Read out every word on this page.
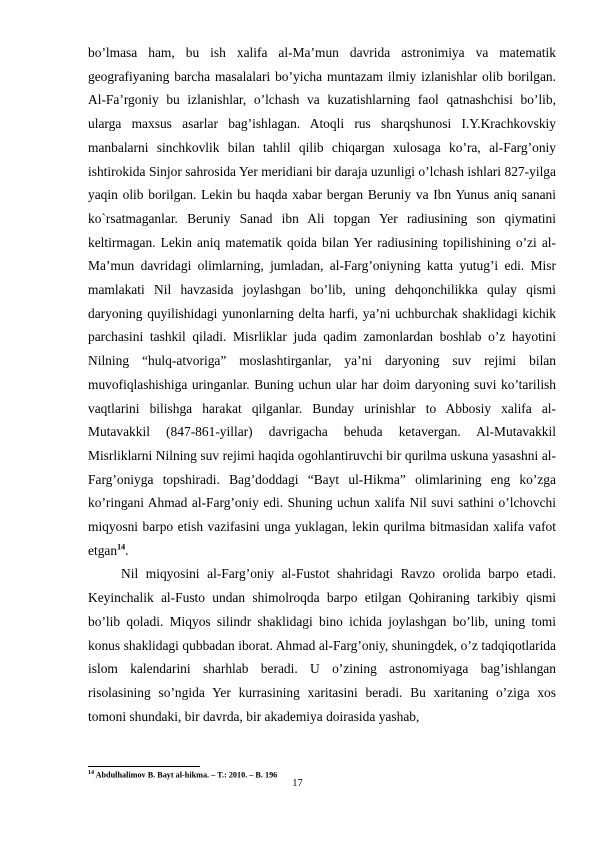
bo’lmasa ham, bu ish xalifa al-Ma’mun davrida astronimiya va matematik geografiyaning barcha masalalari bo’yicha muntazam ilmiy izlanishlar olib borilgan. Al-Fa’rgoniy bu izlanishlar, o’lchash va kuzatishlarning faol qatnashchisi bo’lib, ularga maxsus asarlar bag’ishlagan. Atoqli rus sharqshunosi I.Y.Krachkovskiy manbalarni sinchkovlik bilan tahlil qilib chiqargan xulosaga ko’ra, al-Farg’oniy ishtirokida Sinjor sahrosida Yer meridiani bir daraja uzunligi o’lchash ishlari 827-yilga yaqin olib borilgan. Lekin bu haqda xabar bergan Beruniy va Ibn Yunus aniq sanani ko`rsatmaganlar. Beruniy Sanad ibn Ali topgan Yer radiusining son qiymatini keltirmagan. Lekin aniq matematik qoida bilan Yer radiusining topilishining o’zi al-Ma’mun davridagi olimlarning, jumladan, al-Farg’oniyning katta yutug’i edi. Misr mamlakati Nil havzasida joylashgan bo’lib, uning dehqonchilikka qulay qismi daryoning quyilishidagi yunonlarning delta harfi, ya’ni uchburchak shaklidagi kichik parchasini tashkil qiladi. Misrliklar juda qadim zamonlardan boshlab o’z hayotini Nilning “hulq-atvoriga” moslashtirganlar, ya’ni daryoning suv rejimi bilan muvofiqlashishiga uringanlar. Buning uchun ular har doim daryoning suvi ko’tarilish vaqtlarini bilishga harakat qilganlar. Bunday urinishlar to Abbosiy xalifa al-Mutavakkil (847-861-yillar) davrigacha behuda ketavergan. Al-Mutavakkil Misrliklarni Nilning suv rejimi haqida ogohlantiruvchi bir qurilma uskuna yasashni al-Farg’oniyga topshiradi. Bag’doddagi “Bayt ul-Hikma” olimlarining eng ko’zga ko’ringani Ahmad al-Farg’oniy edi. Shuning uchun xalifa Nil suvi sathini o’lchovchi miqyosni barpo etish vazifasini unga yuklagan, lekin qurilma bitmasidan xalifa vafot etgan$^{14}$.

Nil miqyosini al-Farg’oniy al-Fustot shahridagi Ravzo orolida barpo etadi. Keyinchalik al-Fusto undan shimolroqda barpo etilgan Qohiraning tarkibiy qismi bo’lib qoladi. Miqyos silindr shaklidagi bino ichida joylashgan bo’lib, uning tomi konus shaklidagi qubbadan iborat. Ahmad al-Farg’oniy, shuningdek, o’z tadqiqotlarida islom kalendarini sharhlab beradi. U o’zining astronomiyaga bag’ishlangan risolasining so’ngida Yer kurrasining xaritasini beradi. Bu xaritaning o’ziga xos tomoni shundaki, bir davrda, bir akademiya doirasida yashab,

$^{14}$ Abdulhalimov B. Bayt al-hikma. – T.: 2010. – B. 196
17
